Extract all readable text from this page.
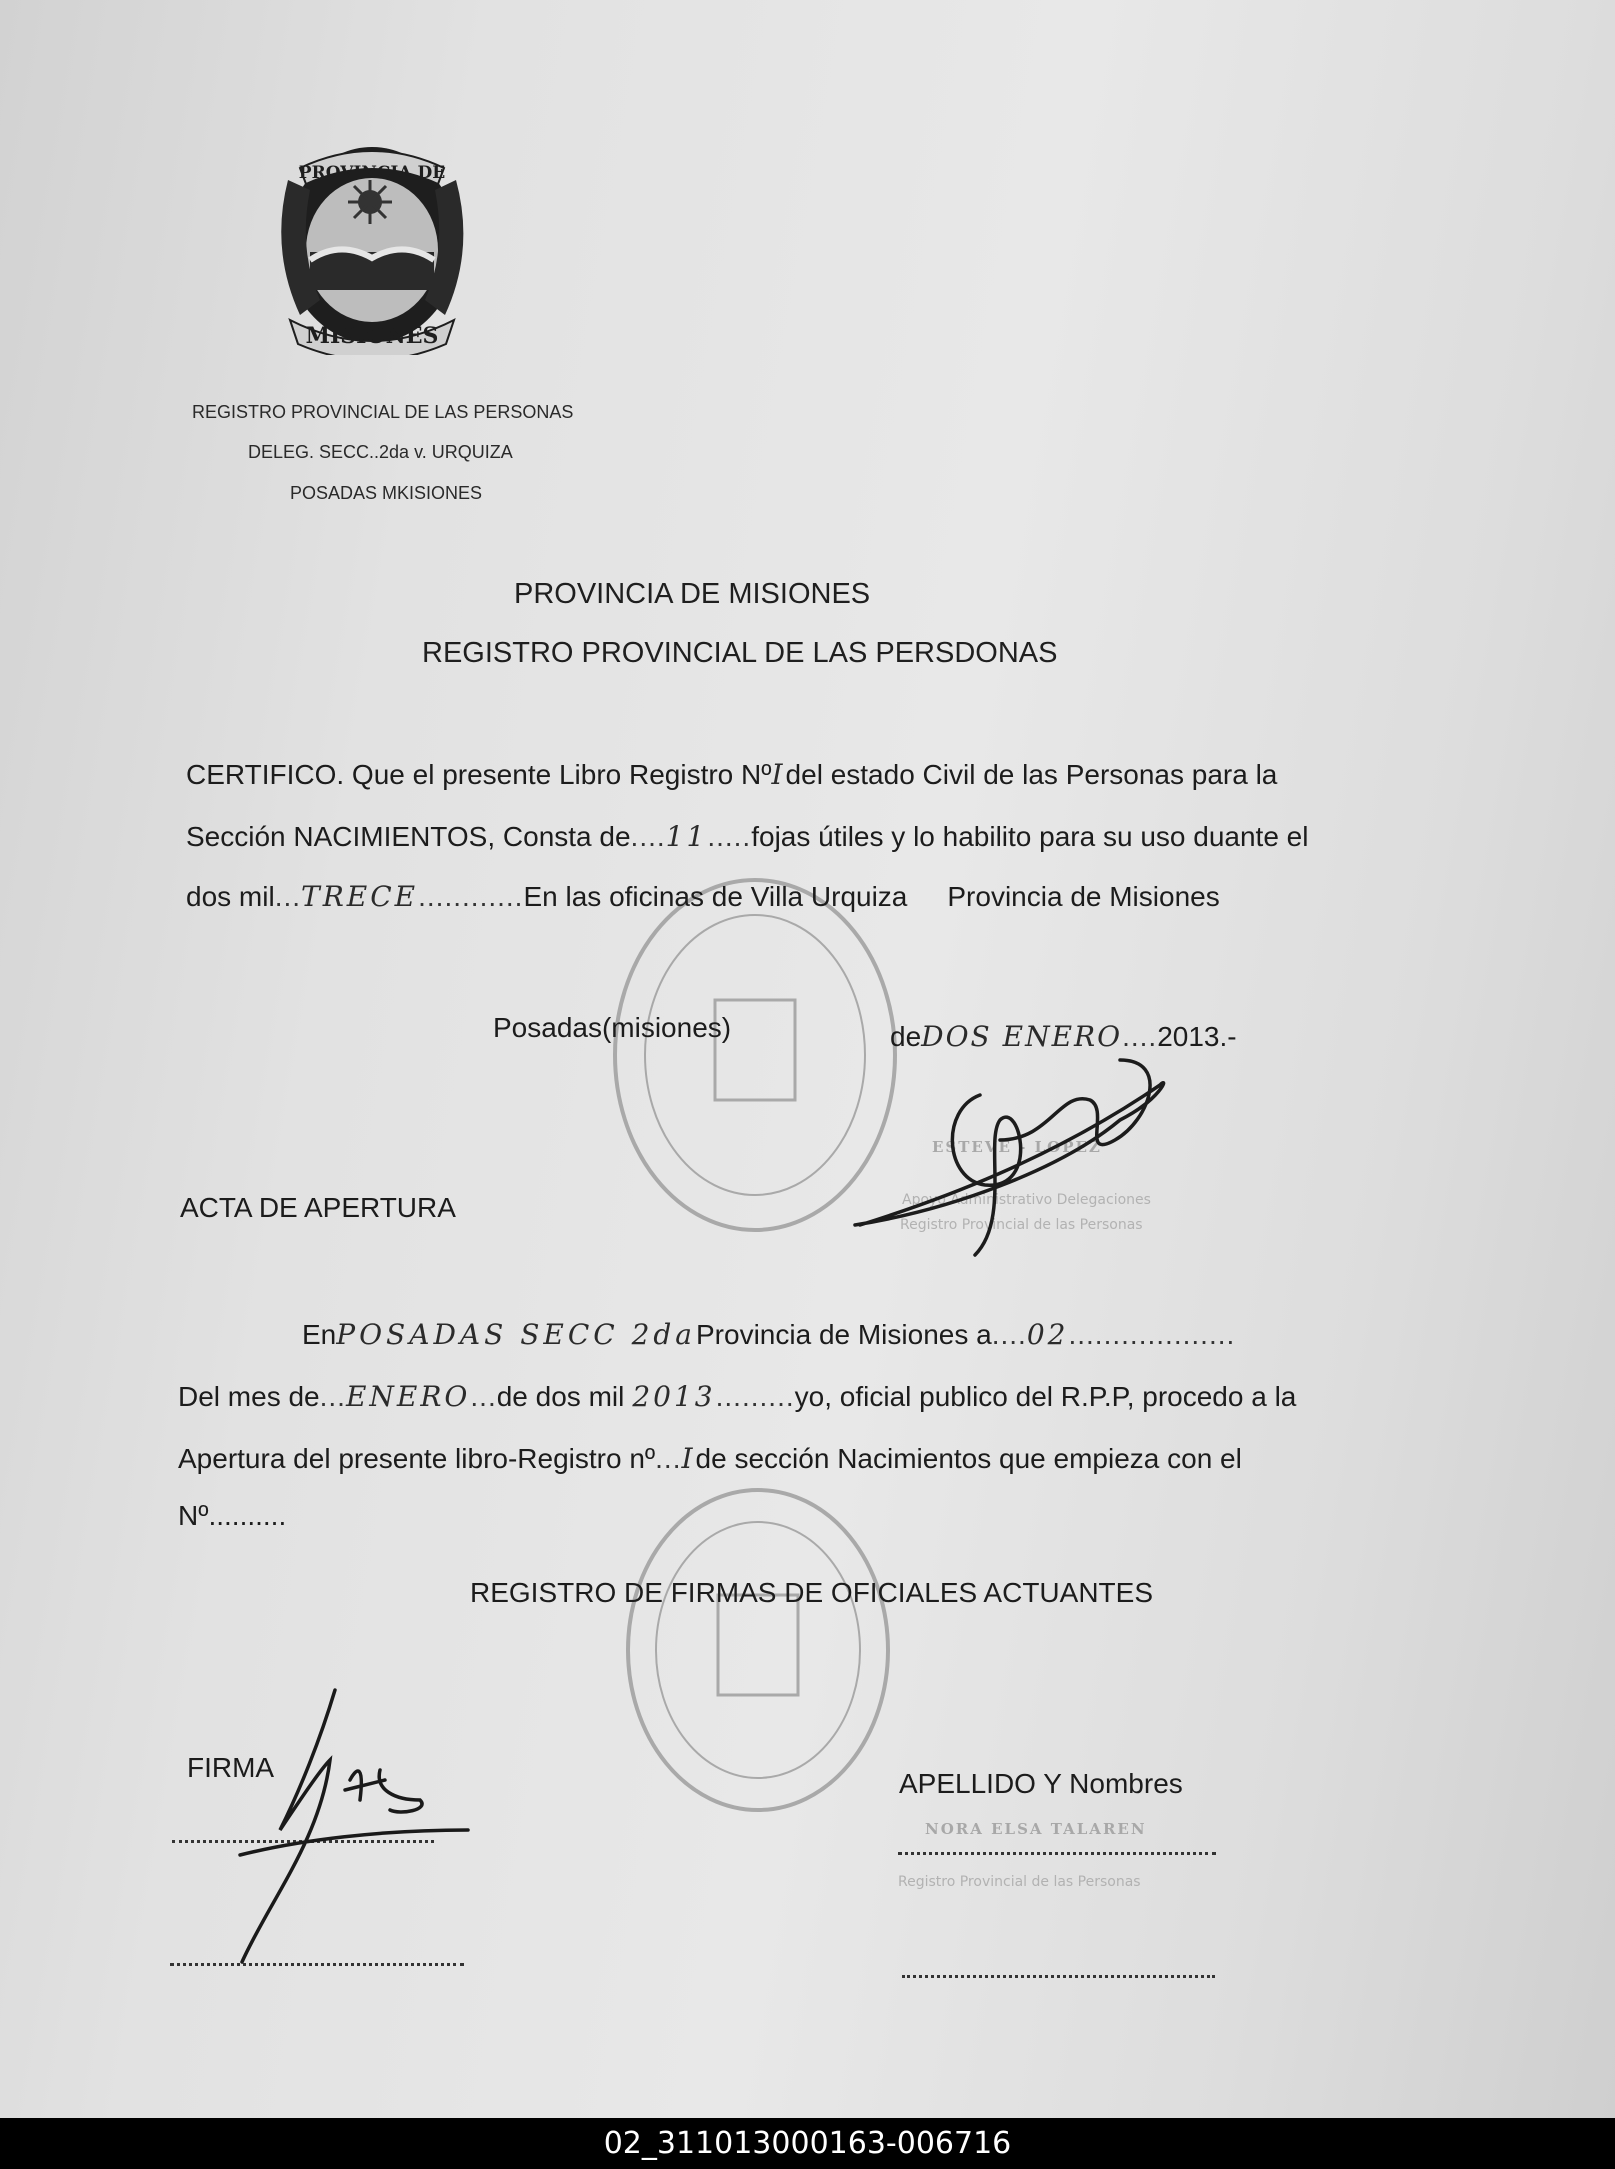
PROVINCIA DE
MISIONES
REGISTRO PROVINCIAL DE LAS PERSONAS
DELEG. SECC..2da v. URQUIZA
POSADAS MKISIONES
PROVINCIA DE MISIONES
REGISTRO PROVINCIAL DE LAS PERSDONAS
CERTIFICO. Que el presente Libro Registro NºIdel estado Civil de las Personas para la
Sección NACIMIENTOS, Consta de....11.....fojas útiles y lo habilito para su uso duante el
dos mil...TRECE............En las oficinas de Villa Urquiza Provincia de Misiones
Posadas(misiones)	deDOS ENERO....2013.-
ESTEVE - LOPEZ
Apoyo Administrativo Delegaciones
Registro Provincial de las Personas
ACTA DE APERTURA
EnPOSADAS SECC 2daProvincia de Misiones a....02...................
Del mes de...ENERO...de dos mil 2013.........yo, oficial publico del R.P.P, procedo a la
Apertura del presente libro-Registro nº...Ide sección Nacimientos que empieza con el
Nº..........
REGISTRO DE FIRMAS DE OFICIALES ACTUANTES
FIRMA
APELLIDO Y Nombres
NORA ELSA TALAREN
Registro Provincial de las Personas
02_311013000163-006716
